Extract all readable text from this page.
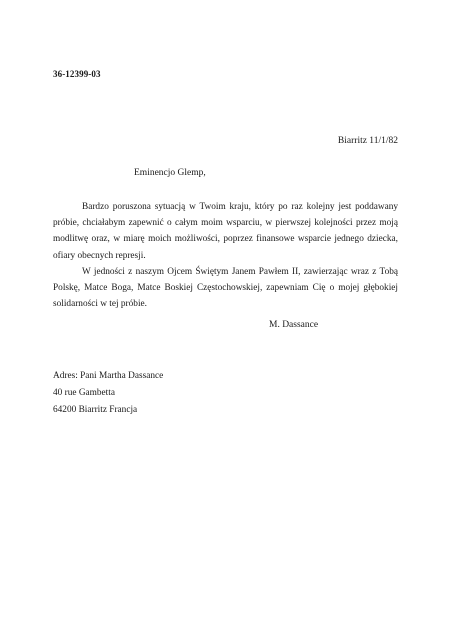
36-12399-03
Biarritz 11/1/82
Eminencjo Glemp,

Bardzo poruszona sytuacją w Twoim kraju, który po raz kolejny jest poddawany próbie, chciałabym zapewnić o całym moim wsparciu, w pierwszej kolejności przez moją modlitwę oraz, w miarę moich możliwości, poprzez finansowe wsparcie jednego dziecka, ofiary obecnych represji.

W jedności z naszym Ojcem Świętym Janem Pawłem II, zawierzając wraz z Tobą Polskę, Matce Boga, Matce Boskiej Częstochowskiej, zapewniam Cię o mojej głębokiej solidarności w tej próbie.

M. Dassance
Adres: Pani Martha Dassance
40 rue Gambetta
64200 Biarritz Francja
